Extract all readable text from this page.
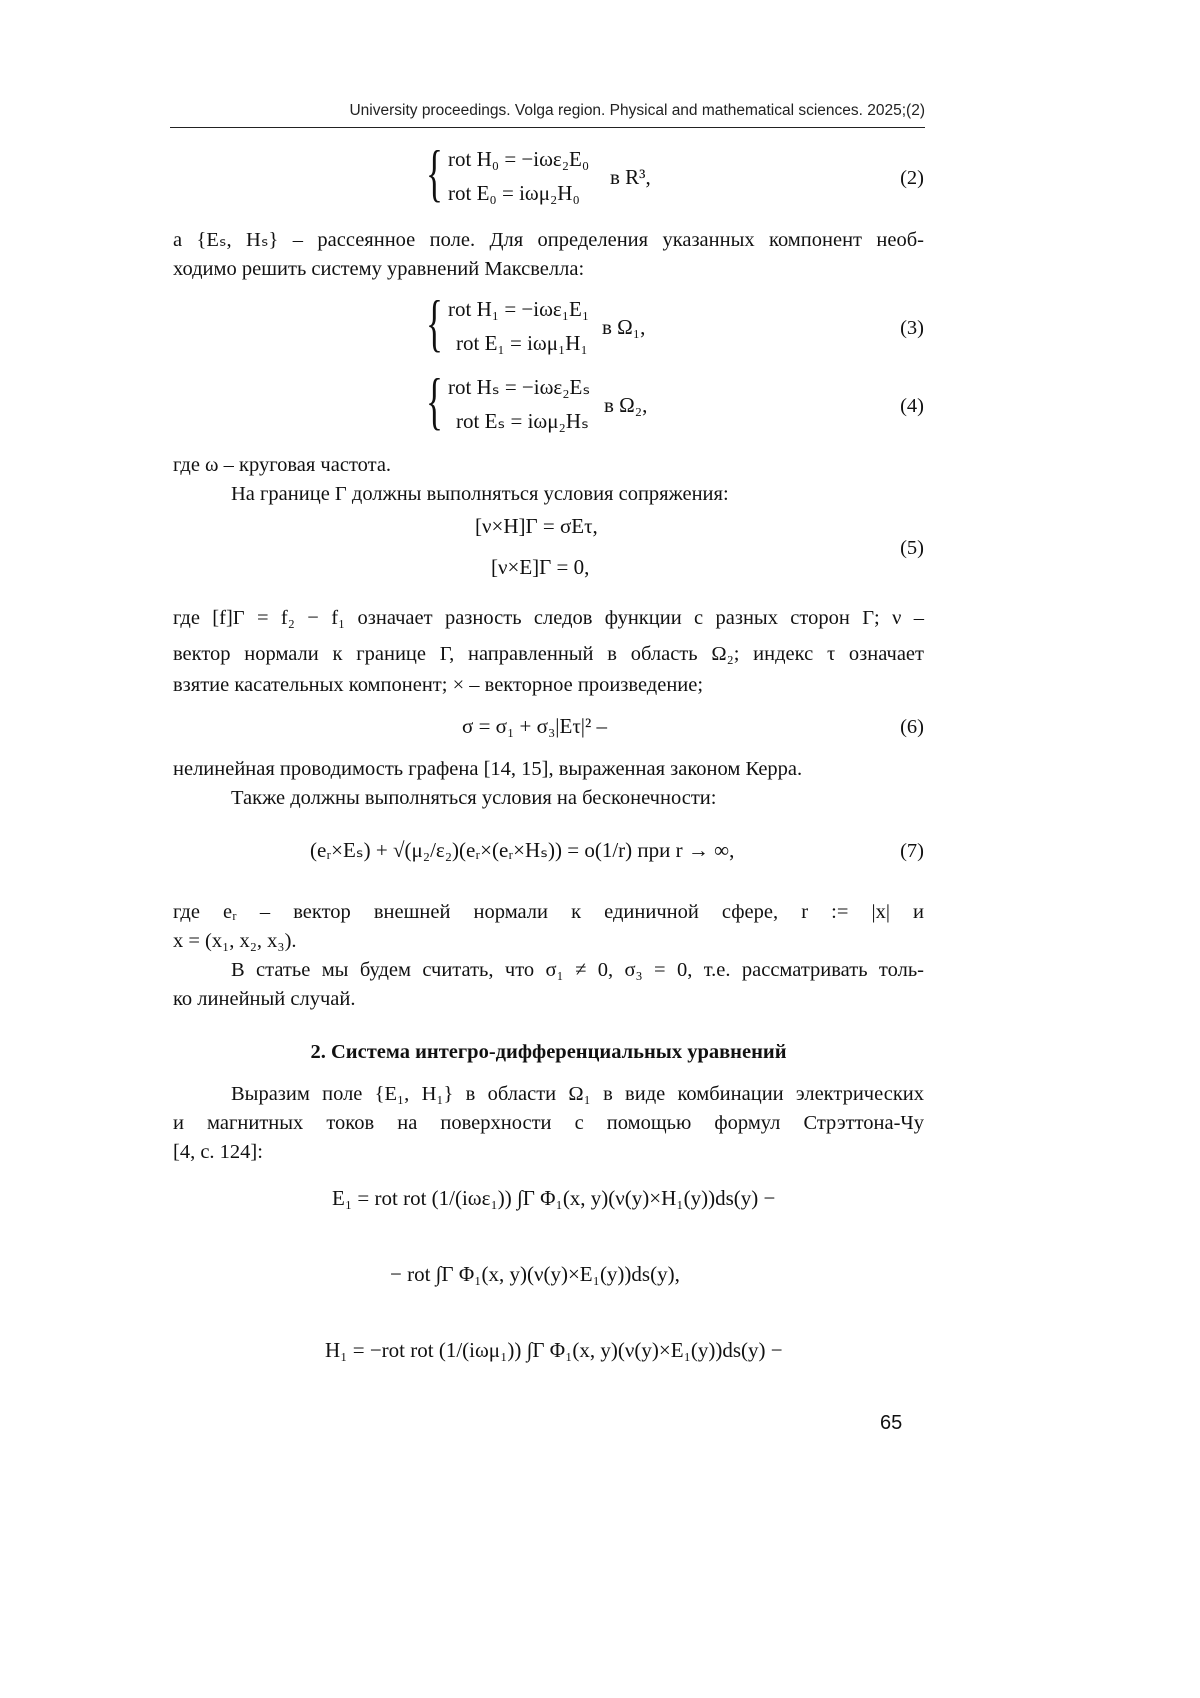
University proceedings. Volga region. Physical and mathematical sciences. 2025;(2)
{ rot H₀ = −iωε₂E₀
rot E₀ = iωμ₂H₀
в R³,	(2)
а {Eₛ, Hₛ} – рассеянное поле. Для определения указанных компонент необ-
ходимо решить систему уравнений Максвелла:
{ rot H₁ = −iωε₁E₁
rot E₁ = iωμ₁H₁
в Ω₁,	(3)
{ rot Hₛ = −iωε₂Eₛ
rot Eₛ = iωμ₂Hₛ
в Ω₂,	(4)
где ω – круговая частота.
На границе Γ должны выполняться условия сопряжения:
[ν×H]Γ = σEτ,
[ν×E]Γ = 0,
(5)
где [f]Γ = f₂ − f₁ означает разность следов функции с разных сторон Γ; ν –
вектор нормали к границе Γ, направленный в область Ω₂; индекс τ означает
взятие касательных компонент; × – векторное произведение;
σ = σ₁ + σ₃|Eτ|² –	(6)
нелинейная проводимость графена [14, 15], выраженная законом Керра.
Также должны выполняться условия на бесконечности:
(eᵣ×Eₛ) + √(μ₂/ε₂)(eᵣ×(eᵣ×Hₛ)) = o(1/r) при r → ∞,	(7)
где eᵣ – вектор внешней нормали к единичной сфере, r := |x| и
x = (x₁, x₂, x₃).
В статье мы будем считать, что σ₁ ≠ 0, σ₃ = 0, т.е. рассматривать толь-
ко линейный случай.
2. Система интегро-дифференциальных уравнений
Выразим поле {E₁, H₁} в области Ω₁ в виде комбинации электрических
и магнитных токов на поверхности с помощью формул Стрэттона-Чу
[4, с. 124]:
E₁ = rot rot (1/(iωε₁)) ∫Γ Φ₁(x, y)(ν(y)×H₁(y))ds(y) −
− rot ∫Γ Φ₁(x, y)(ν(y)×E₁(y))ds(y),
H₁ = −rot rot (1/(iωμ₁)) ∫Γ Φ₁(x, y)(ν(y)×E₁(y))ds(y) −
65
